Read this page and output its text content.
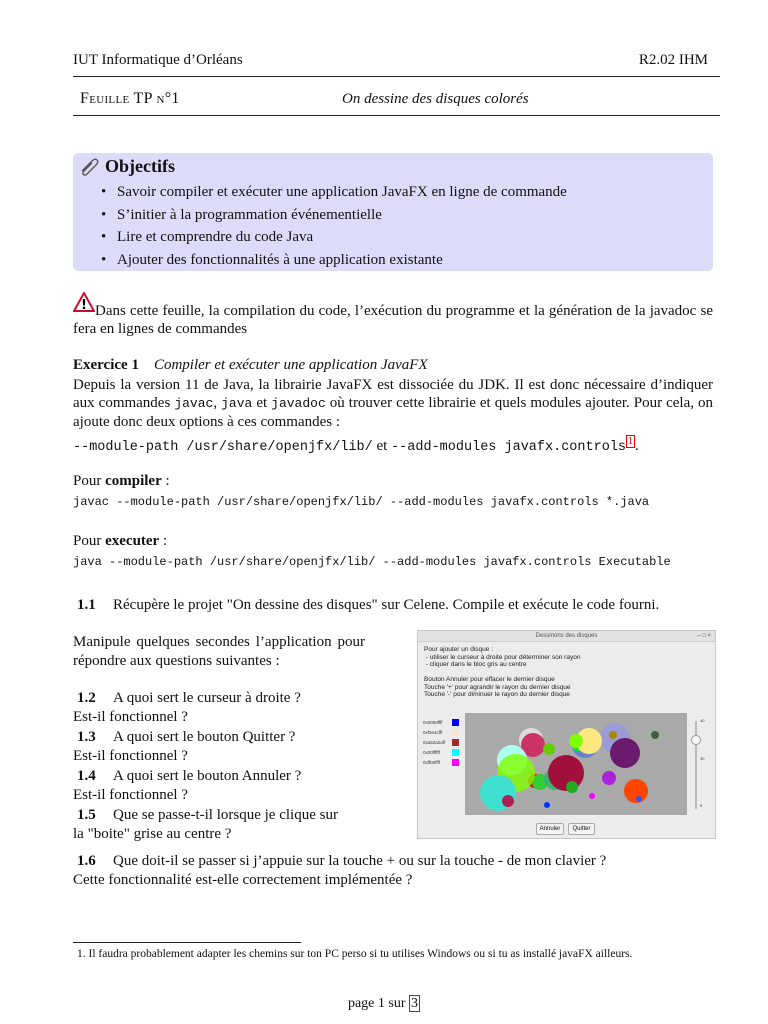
IUT Informatique d’Orléans	R2.02 IHM
Feuille TP n°1	On dessine des disques colorés
Objectifs
• Savoir compiler et exécuter une application JavaFX en ligne de commande
• S’initier à la programmation événementielle
• Lire et comprendre du code Java
• Ajouter des fonctionnalités à une application existante
! Dans cette feuille, la compilation du code, l’exécution du programme et la génération de la javadoc se fera en lignes de commandes
Exercice 1 Compiler et exécuter une application JavaFX
Depuis la version 11 de Java, la librairie JavaFX est dissociée du JDK. Il est donc nécessaire d’indiquer aux commandes javac, java et javadoc où trouver cette librairie et quels modules ajouter. Pour cela, on ajoute donc deux options à ces commandes :
--module-path /usr/share/openjfx/lib/ et --add-modules javafx.controls $^1$ .
Pour compiler :
javac --module-path /usr/share/openjfx/lib/ --add-modules javafx.controls *.java
Pour executer :
java --module-path /usr/share/openjfx/lib/ --add-modules javafx.controls Executable
1.1 Récupère le projet "On dessine des disques" sur Celene. Compile et exécute le code fourni.
Manipule quelques secondes l’application pour répondre aux questions suivantes :
1.2 A quoi sert le curseur à droite ?
Est-il fonctionnel ?
1.3 A quoi sert le bouton Quitter ?
Est-il fonctionnel ?
1.4 A quoi sert le bouton Annuler ?
Est-il fonctionnel ?
1.5 Que se passe-t-il lorsque je clique sur
la "boite" grise au centre ?
Dessinons des disques	– □ ×
Pour ajouter un disque :
- utiliser le curseur à droite pour déterminer son rayon
- cliquer dans le bloc gris au centre

Bouton Annuler pour effacer le dernier disque
Touche '+' pour agrandir le rayon du dernier disque
Touche '-' pour diminuer le rayon du dernier disque
0x0000ffff
0xf5e4cfff
0xa52a2aff
0x00ffffff
0xff00ffff
40
30
5
Annuler	Quitter
1.6 Que doit-il se passer si j’appuie sur la touche + ou sur la touche - de mon clavier ?
Cette fonctionnalité est-elle correctement implémentée ?
1. Il faudra probablement adapter les chemins sur ton PC perso si tu utilises Windows ou si tu as installé javaFX ailleurs.
page 1 sur 3
